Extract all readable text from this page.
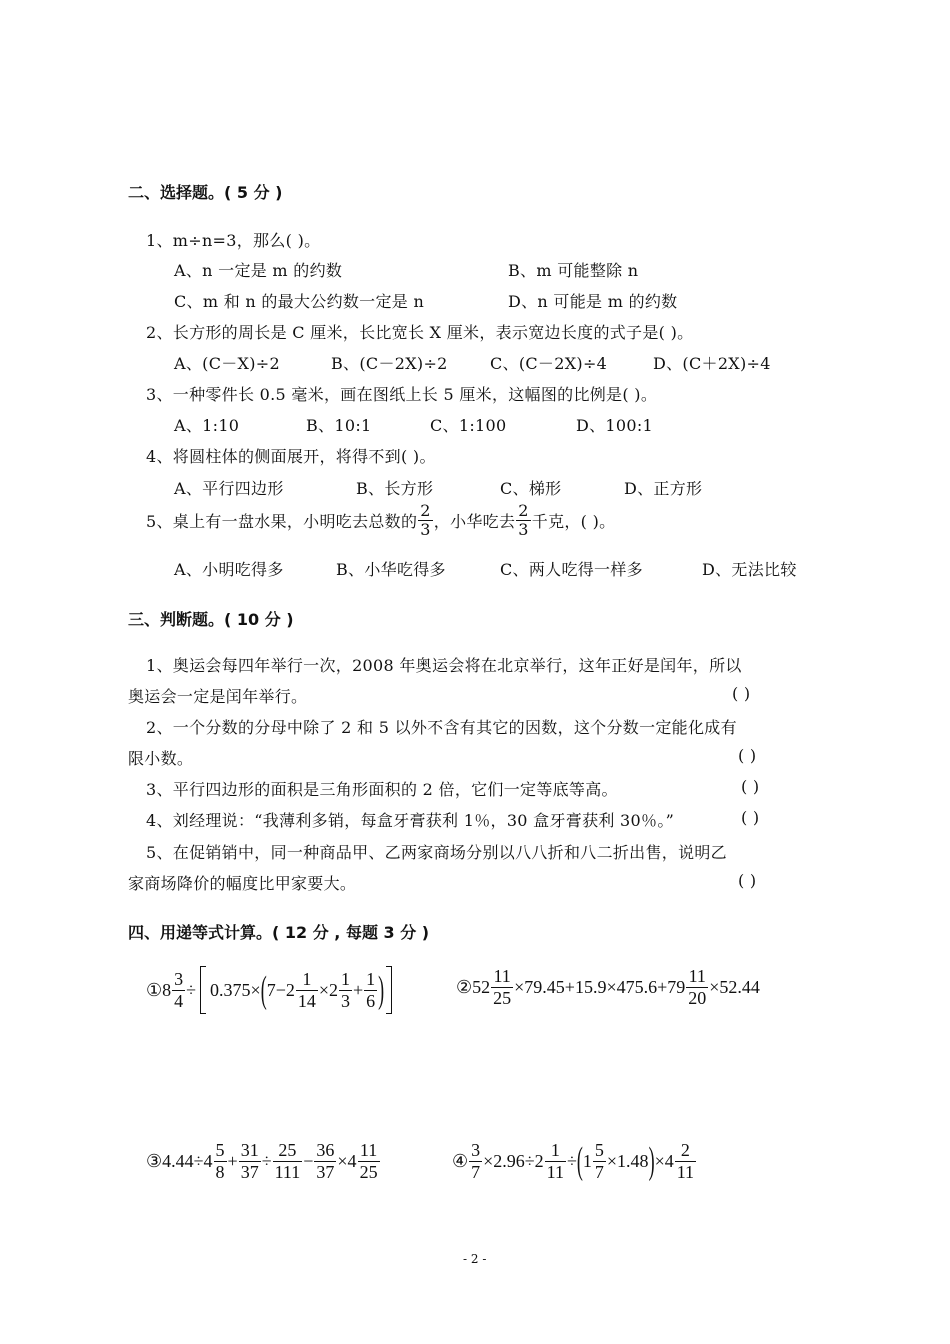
二、选择题。( 5 分 )
1、m÷n=3，那么( )。
A、n 一定是 m 的约数	B、m 可能整除 n
C、m 和 n 的最大公约数一定是 n	D、n 可能是 m 的约数
2、长方形的周长是 C 厘米，长比宽长 X 厘米，表示宽边长度的式子是( )。
A、(C－X)÷2	B、(C－2X)÷2	C、(C－2X)÷4	D、(C＋2X)÷4
3、一种零件长 0.5 毫米，画在图纸上长 5 厘米，这幅图的比例是( )。
A、1:10	B、10:1	C、1:100	D、100:1
4、将圆柱体的侧面展开，将得不到( )。
A、平行四边形	B、长方形	C、梯形	D、正方形
5、桌上有一盘水果，小明吃去总数的 $\frac{2}{3}$ ，小华吃去 $\frac{2}{3}$ 千克，( )。
A、小明吃得多	B、小华吃得多	C、两人吃得一样多	D、无法比较
三、判断题。( 10 分 )
1、奥运会每四年举行一次，2008 年奥运会将在北京举行，这年正好是闰年，所以
奥运会一定是闰年举行。	( )
2、一个分数的分母中除了 2 和 5 以外不含有其它的因数，这个分数一定能化成有
限小数。	( )
3、平行四边形的面积是三角形面积的 2 倍，它们一定等底等高。	( )
4、刘经理说：“我薄利多销，每盒牙膏获利 1％，30 盒牙膏获利 30％。”	( )
5、在促销销中，同一种商品甲、乙两家商场分别以八八折和八二折出售，说明乙
家商场降价的幅度比甲家要大。	( )
四、用递等式计算。( 12 分 , 每题 3 分 )
① $8 \frac{3}{4} \div 0.375\times$ ( $7-2 \frac{1}{14} \times 2 \frac{1}{3} + \frac{1}{6}$ )	② $52 \frac{11}{25} \times 79.45+15.9\times 475.6+79 \frac{11}{20} \times 52.44$
③ $4.44\div 4 \frac{5}{8} + \frac{31}{37} \div \frac{25}{111} - \frac{36}{37} \times 4 \frac{11}{25}$	④ $\frac{3}{7} \times 2.96\div 2 \frac{1}{11}$ ÷ ( $1 \frac{5}{7} \times 1.48$ ) $\times 4 \frac{2}{11}$
- 2 -
